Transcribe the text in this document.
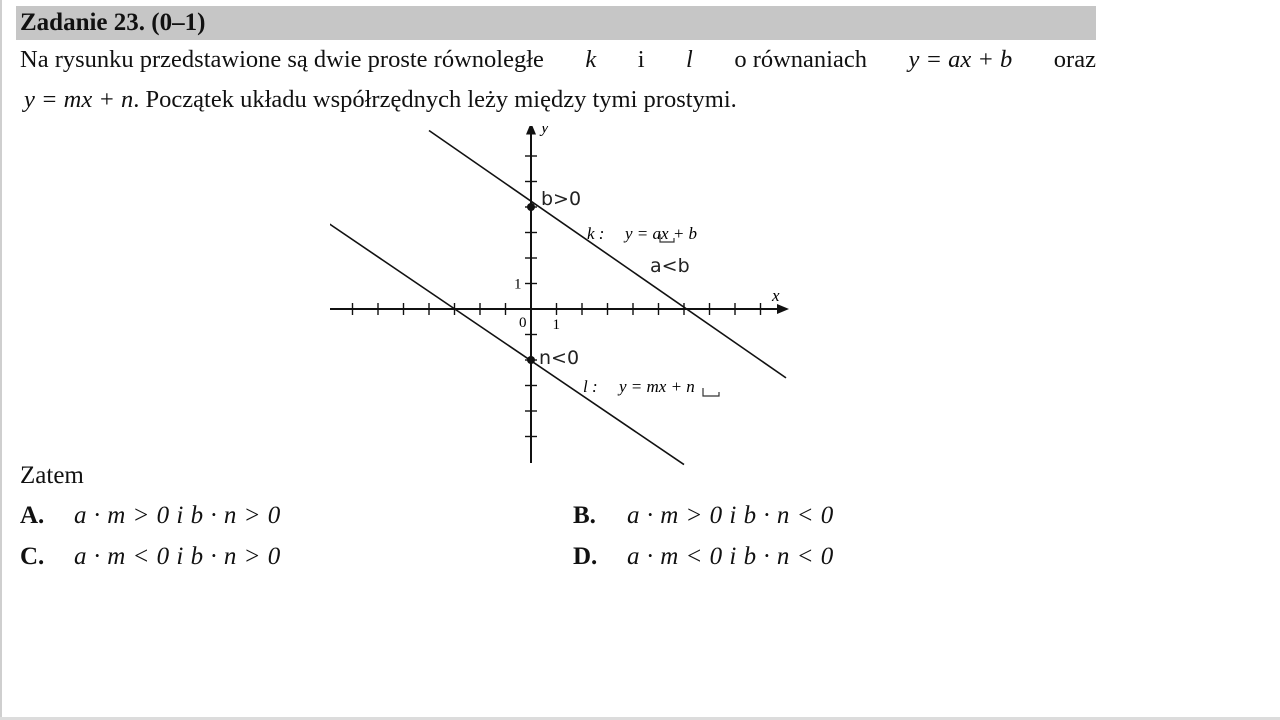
Zadanie 23. (0–1)
Na rysunku przedstawione są dwie proste równoległe k i l o równaniach y = ax + b oraz
y = mx + n. Początek układu współrzędnych leży między tymi prostymi.
x
y
0 1
1
k : y = ax + b
l : y = mx + n
b>0
n<0
a<b
Zatem
A. a · m > 0 i b · n > 0	B. a · m > 0 i b · n < 0
C. a · m < 0 i b · n > 0	D. a · m < 0 i b · n < 0
